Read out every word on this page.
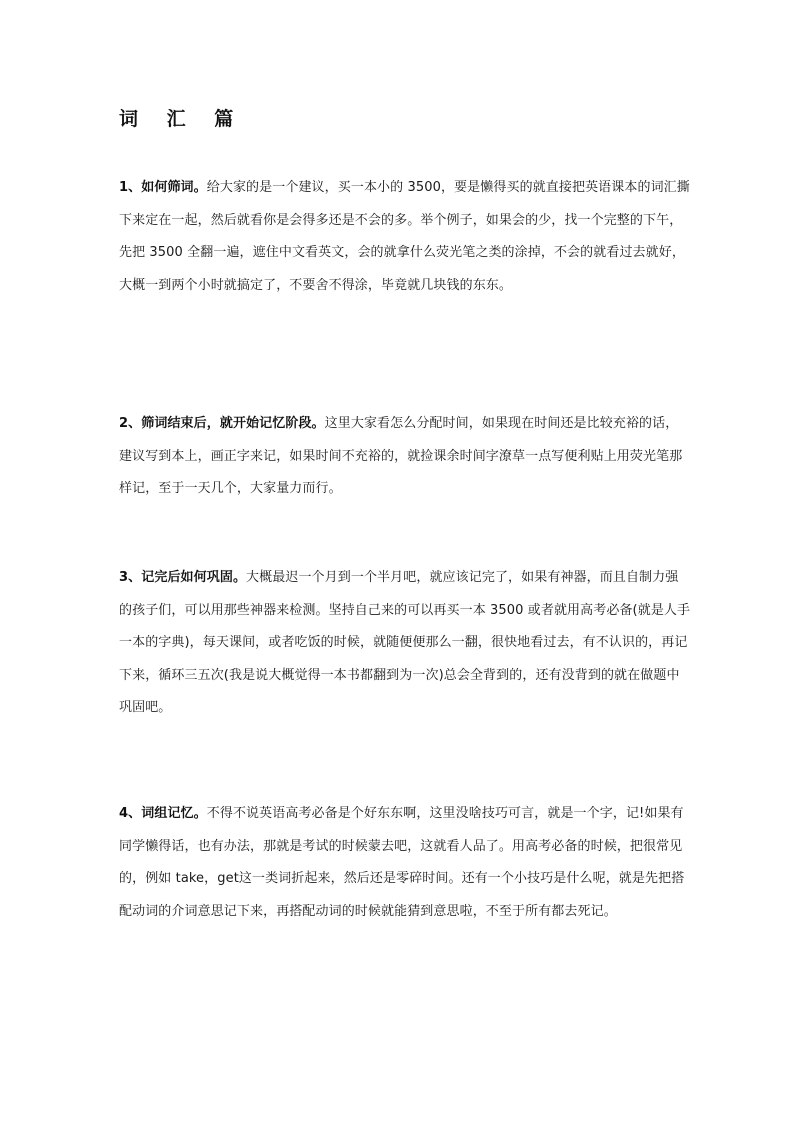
词 汇 篇

1、如何筛词。给大家的是一个建议，买一本小的 3500，要是懒得买的就直接把英语课本的词汇撕下来定在一起，然后就看你是会得多还是不会的多。举个例子，如果会的少，找一个完整的下午，先把 3500 全翻一遍，遮住中文看英文，会的就拿什么荧光笔之类的涂掉，不会的就看过去就好，大概一到两个小时就搞定了，不要舍不得涂，毕竟就几块钱的东东。

2、筛词结束后，就开始记忆阶段。这里大家看怎么分配时间，如果现在时间还是比较充裕的话，建议写到本上，画正字来记，如果时间不充裕的，就捡课余时间字潦草一点写便利贴上用荧光笔那样记，至于一天几个，大家量力而行。

3、记完后如何巩固。大概最迟一个月到一个半月吧，就应该记完了，如果有神器，而且自制力强的孩子们，可以用那些神器来检测。坚持自己来的可以再买一本 3500 或者就用高考必备(就是人手一本的字典)，每天课间，或者吃饭的时候，就随便便那么一翻，很快地看过去，有不认识的，再记下来，循环三五次(我是说大概觉得一本书都翻到为一次)总会全背到的，还有没背到的就在做题中巩固吧。

4、词组记忆。不得不说英语高考必备是个好东东啊，这里没啥技巧可言，就是一个字，记!如果有同学懒得话，也有办法，那就是考试的时候蒙去吧，这就看人品了。用高考必备的时候，把很常见的，例如 take，get这一类词折起来，然后还是零碎时间。还有一个小技巧是什么呢，就是先把搭配动词的介词意思记下来，再搭配动词的时候就能猜到意思啦，不至于所有都去死记。
